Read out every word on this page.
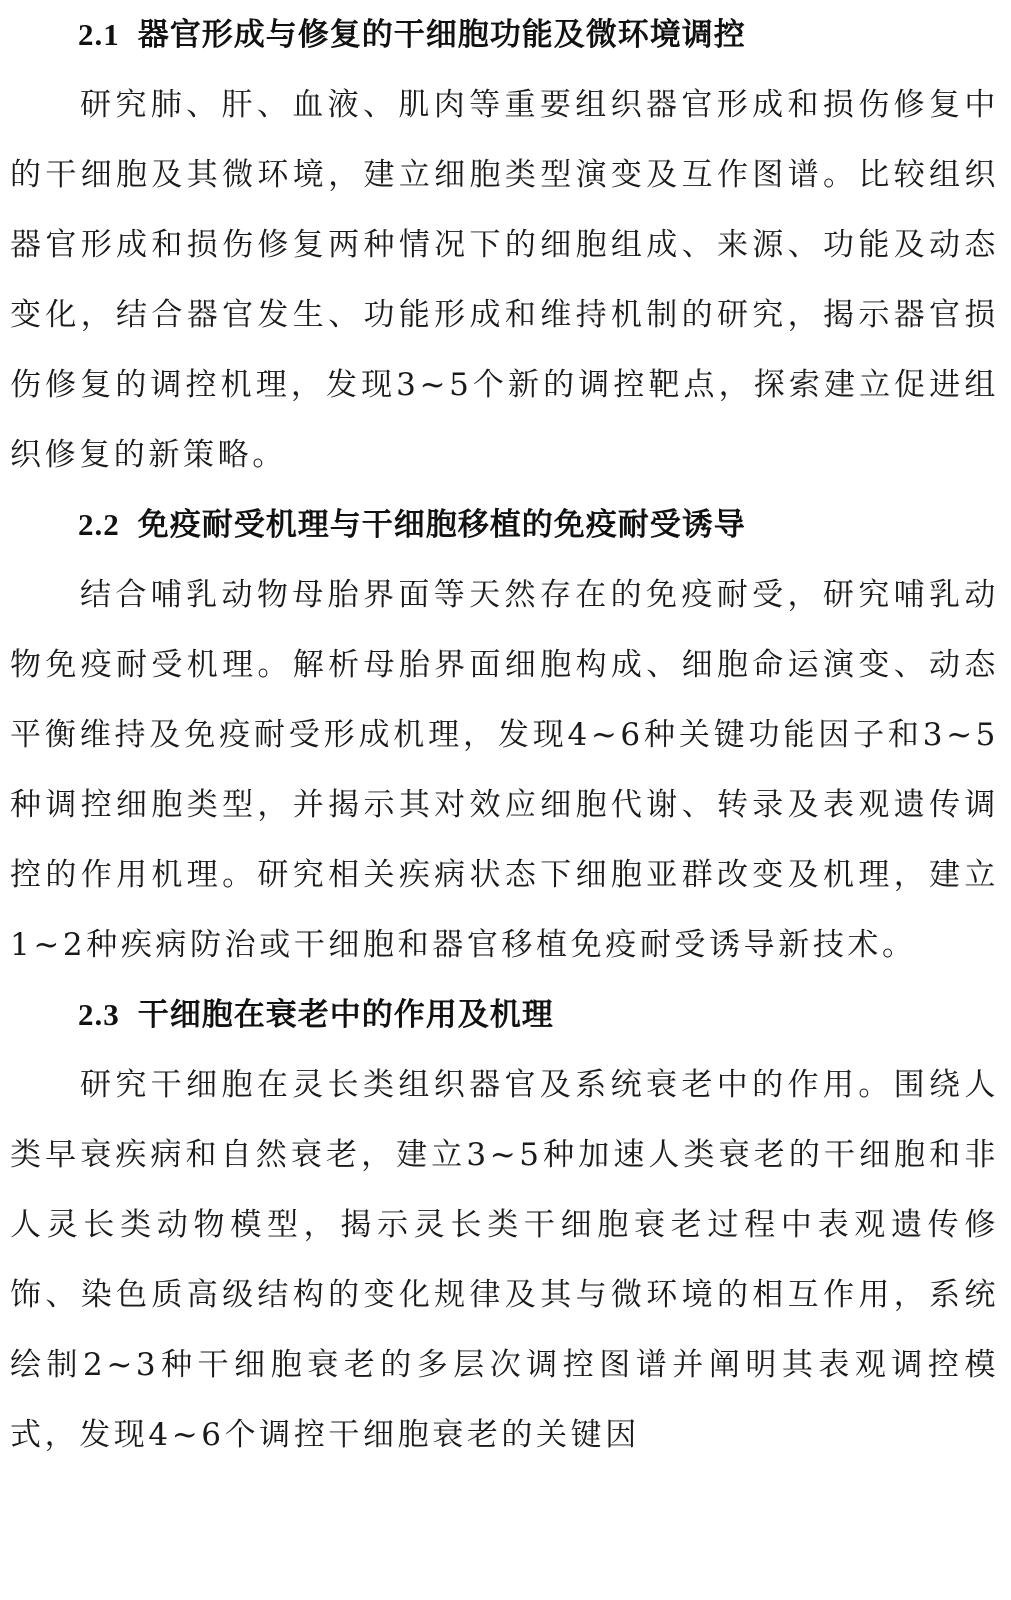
2.1 器官形成与修复的干细胞功能及微环境调控

研究肺、肝、血液、肌肉等重要组织器官形成和损伤修复中的干细胞及其微环境，建立细胞类型演变及互作图谱。比较组织器官形成和损伤修复两种情况下的细胞组成、来源、功能及动态变化，结合器官发生、功能形成和维持机制的研究，揭示器官损伤修复的调控机理，发现3~5个新的调控靶点，探索建立促进组织修复的新策略。

2.2 免疫耐受机理与干细胞移植的免疫耐受诱导

结合哺乳动物母胎界面等天然存在的免疫耐受，研究哺乳动物免疫耐受机理。解析母胎界面细胞构成、细胞命运演变、动态平衡维持及免疫耐受形成机理，发现4~6种关键功能因子和3~5种调控细胞类型，并揭示其对效应细胞代谢、转录及表观遗传调控的作用机理。研究相关疾病状态下细胞亚群改变及机理，建立1~2种疾病防治或干细胞和器官移植免疫耐受诱导新技术。

2.3 干细胞在衰老中的作用及机理

研究干细胞在灵长类组织器官及系统衰老中的作用。围绕人类早衰疾病和自然衰老，建立3~5种加速人类衰老的干细胞和非人灵长类动物模型，揭示灵长类干细胞衰老过程中表观遗传修饰、染色质高级结构的变化规律及其与微环境的相互作用，系统绘制2~3种干细胞衰老的多层次调控图谱并阐明其表观调控模式，发现4~6个调控干细胞衰老的关键因
